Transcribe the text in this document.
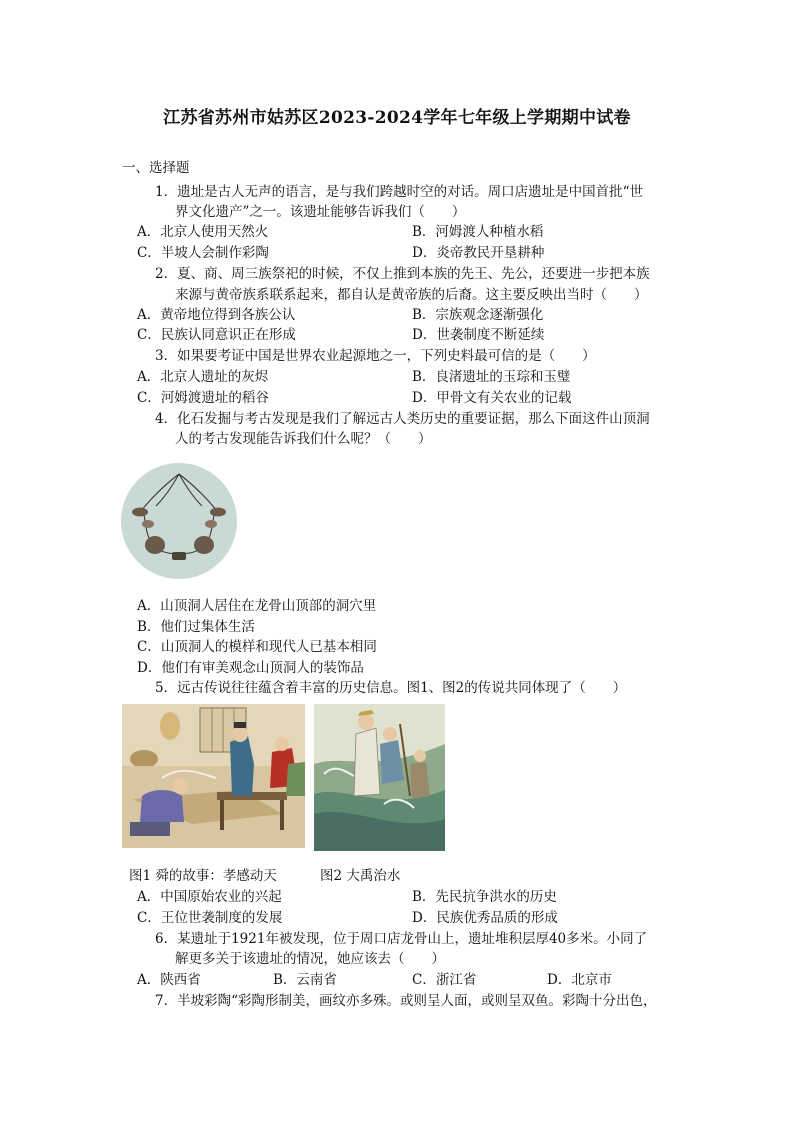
江苏省苏州市姑苏区2023-2024学年七年级上学期期中试卷
一、选择题
1．遗址是古人无声的语言，是与我们跨越时空的对话。周口店遗址是中国首批“世
界文化遗产”之一。该遗址能够告诉我们（　　）
A．北京人使用天然火	B．河姆渡人种植水稻
C．半坡人会制作彩陶	D．炎帝教民开垦耕种
2．夏、商、周三族祭祀的时候，不仅上推到本族的先王、先公，还要进一步把本族
来源与黄帝族系联系起来，都自认是黄帝族的后裔。这主要反映出当时（　　）
A．黄帝地位得到各族公认	B．宗族观念逐渐强化
C．民族认同意识正在形成	D．世袭制度不断延续
3．如果要考证中国是世界农业起源地之一，下列史料最可信的是（　　）
A．北京人遗址的灰烬	B．良渚遗址的玉琮和玉璧
C．河姆渡遗址的稻谷	D．甲骨文有关农业的记载
4．化石发掘与考古发现是我们了解远古人类历史的重要证据，那么下面这件山顶洞
人的考古发现能告诉我们什么呢？（　　）
A．山顶洞人居住在龙骨山顶部的洞穴里
B．他们过集体生活
C．山顶洞人的模样和现代人已基本相同
D．他们有审美观念山顶洞人的装饰品
5．远古传说往往蕴含着丰富的历史信息。图1、图2的传说共同体现了（　　）
图1 舜的故事：孝感动天	图2 大禹治水
A．中国原始农业的兴起	B．先民抗争洪水的历史
C．王位世袭制度的发展	D．民族优秀品质的形成
6．某遗址于1921年被发现，位于周口店龙骨山上，遗址堆积层厚40多米。小同了
解更多关于该遗址的情况，她应该去（　　）
A．陕西省	B．云南省	C．浙江省	D．北京市
7．半坡彩陶“彩陶形制美，画纹亦多殊。或则呈人面，或则呈双鱼。彩陶十分出色，
